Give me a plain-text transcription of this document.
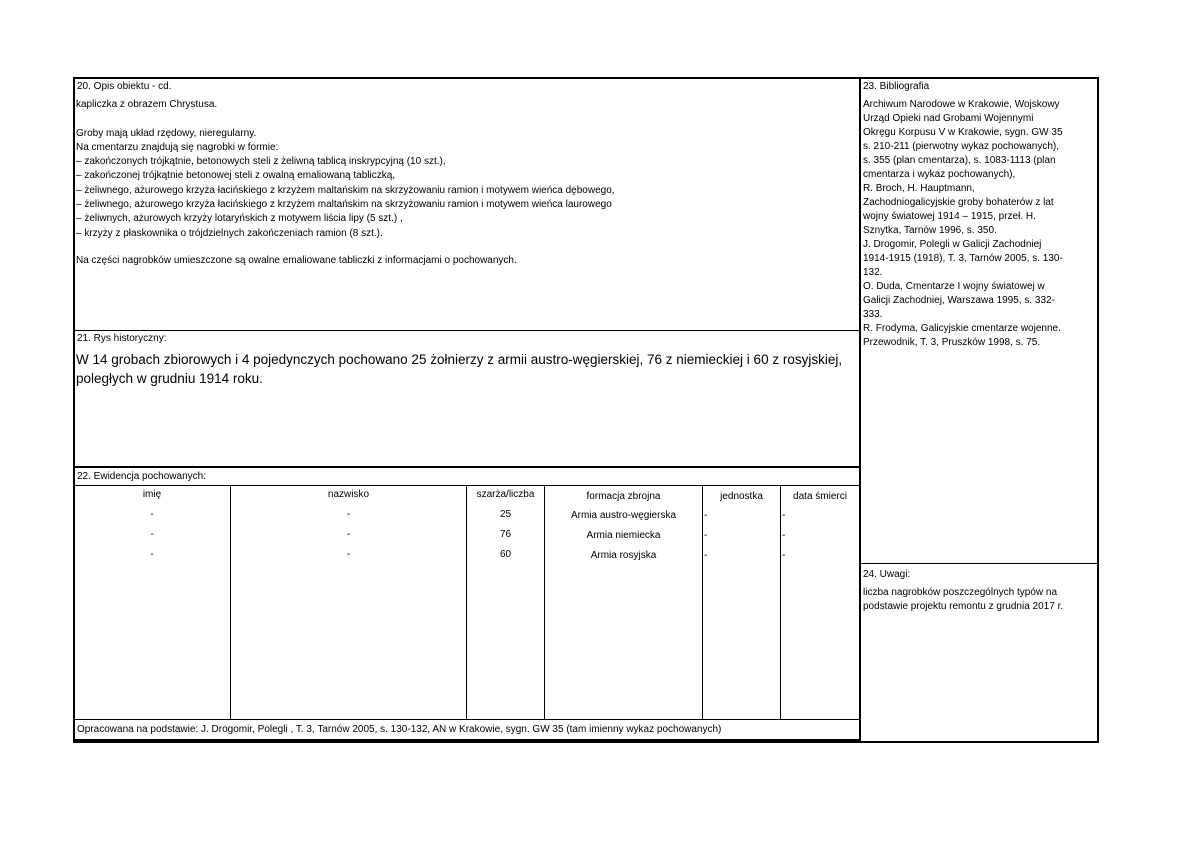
20. Opis obiektu - cd.
kapliczka z obrazem Chrystusa.
Groby mają układ rzędowy, nieregularny.
Na cmentarzu znajdują się nagrobki w formie:
– zakończonych trójkątnie, betonowych steli z żeliwną tablicą inskrypcyjną (10 szt.),
– zakończonej trójkątnie betonowej steli z owalną emaliowaną tabliczką,
– żeliwnego, ażurowego krzyża łacińskiego z krzyżem maltańskim na skrzyżowaniu ramion i motywem wieńca dębowego,
– żeliwnego, ażurowego krzyża łacińskiego z krzyżem maltańskim na skrzyżowaniu ramion i motywem wieńca laurowego
– żeliwnych, ażurowych krzyży lotaryńskich z motywem liścia lipy (5 szt.) ,
– krzyży z płaskownika o trójdzielnych zakończeniach ramion (8 szt.).
Na części nagrobków umieszczone są owalne emaliowane tabliczki z informacjami o pochowanych.
21. Rys historyczny:
W 14 grobach zbiorowych i 4 pojedynczych pochowano 25 żołnierzy z armii austro-węgierskiej, 76 z niemieckiej i 60 z rosyjskiej, poległych w grudniu 1914 roku.
22. Ewidencja pochowanych:
imię	nazwisko	szarża/liczba	formacja zbrojna	jednostka	data śmierci
-	-	25	Armia austro-węgierska	-	-
-	-	76	Armia niemiecka	-	-
-	-	60	Armia rosyjska	-	-
Opracowana na podstawie: J. Drogomir, Polegli , T. 3, Tarnów 2005, s. 130-132, AN w Krakowie, sygn. GW 35 (tam imienny wykaz pochowanych)
23. Bibliografia
Archiwum Narodowe w Krakowie, Wojskowy
Urząd Opieki nad Grobami Wojennymi
Okręgu Korpusu V w Krakowie, sygn. GW 35
s. 210-211 (pierwotny wykaz pochowanych),
s. 355 (plan cmentarza), s. 1083-1113 (plan
cmentarza i wykaz pochowanych),
R. Broch, H. Hauptmann,
Zachodniogalicyjskie groby bohaterów z lat
wojny światowej 1914 – 1915, przeł. H.
Sznytka, Tarnów 1996, s. 350.
J. Drogomir, Polegli w Galicji Zachodniej
1914-1915 (1918), T. 3, Tarnów 2005, s. 130-
132.
O. Duda, Cmentarze I wojny światowej w
Galicji Zachodniej, Warszawa 1995, s. 332-
333.
R. Frodyma, Galicyjskie cmentarze wojenne.
Przewodnik, T. 3, Pruszków 1998, s. 75.
24. Uwagi:
liczba nagrobków poszczególnych typów na
podstawie projektu remontu z grudnia 2017 r.
